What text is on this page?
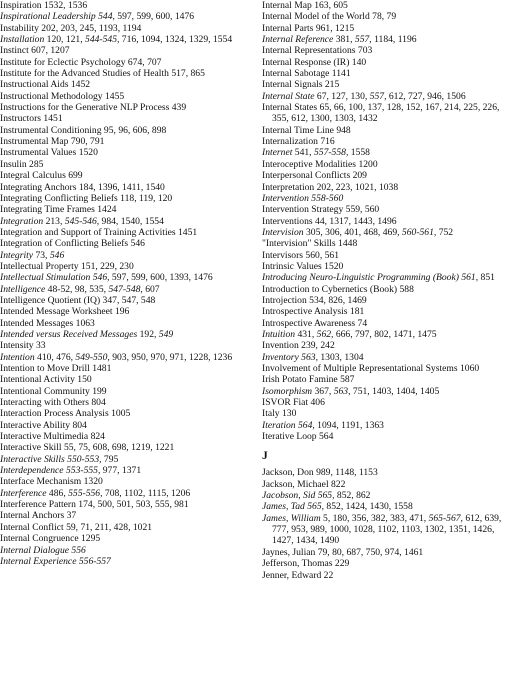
Inspiration 1532, 1536
Inspirational Leadership 544, 597, 599, 600, 1476
Instability 202, 203, 245, 1193, 1194
Installation 120, 121, 544-545, 716, 1094, 1324, 1329, 1554
Instinct 607, 1207
Institute for Eclectic Psychology 674, 707
Institute for the Advanced Studies of Health 517, 865
Instructional Aids 1452
Instructional Methodology 1455
Instructions for the Generative NLP Process 439
Instructors 1451
Instrumental Conditioning 95, 96, 606, 898
Instrumental Map 790, 791
Instrumental Values 1520
Insulin 285
Integral Calculus 699
Integrating Anchors 184, 1396, 1411, 1540
Integrating Conflicting Beliefs 118, 119, 120
Integrating Time Frames 1424
Integration 213, 545-546, 984, 1540, 1554
Integration and Support of Training Activities 1451
Integration of Conflicting Beliefs 546
Integrity 73, 546
Intellectual Property 151, 229, 230
Intellectual Stimulation 546, 597, 599, 600, 1393, 1476
Intelligence 48-52, 98, 535, 547-548, 607
Intelligence Quotient (IQ) 347, 547, 548
Intended Message Worksheet 196
Intended Messages 1063
Intended versus Received Messages 192, 549
Intensity 33
Intention 410, 476, 549-550, 903, 950, 970, 971, 1228, 1236
Intention to Move Drill 1481
Intentional Activity 150
Intentional Community 199
Interacting with Others 804
Interaction Process Analysis 1005
Interactive Ability 804
Interactive Multimedia 824
Interactive Skill 55, 75, 608, 698, 1219, 1221
Interactive Skills 550-553, 795
Interdependence 553-555, 977, 1371
Interface Mechanism 1320
Interference 486, 555-556, 708, 1102, 1115, 1206
Interference Pattern 174, 500, 501, 503, 555, 981
Internal Anchors 37
Internal Conflict 59, 71, 211, 428, 1021
Internal Congruence 1295
Internal Dialogue 556
Internal Experience 556-557
Internal Map 163, 605
Internal Model of the World 78, 79
Internal Parts 961, 1215
Internal Reference 381, 557, 1184, 1196
Internal Representations 703
Internal Response (IR) 140
Internal Sabotage 1141
Internal Signals 215
Internal State 67, 127, 130, 557, 612, 727, 946, 1506
Internal States 65, 66, 100, 137, 128, 152, 167, 214, 225, 226, 355, 612, 1300, 1303, 1432
Internal Time Line 948
Internalization 716
Internet 541, 557-558, 1558
Interoceptive Modalities 1200
Interpersonal Conflicts 209
Interpretation 202, 223, 1021, 1038
Intervention 558-560
Intervention Strategy 559, 560
Interventions 44, 1317, 1443, 1496
Intervision 305, 306, 401, 468, 469, 560-561, 752
"Intervision" Skills 1448
Intervisors 560, 561
Intrinsic Values 1520
Introducing Neuro-Linguistic Programming (Book) 561, 851
Introduction to Cybernetics (Book) 588
Introjection 534, 826, 1469
Introspective Analysis 181
Introspective Awareness 74
Intuition 431, 562, 666, 797, 802, 1471, 1475
Invention 239, 242
Inventory 563, 1303, 1304
Involvement of Multiple Representational Systems 1060
Irish Potato Famine 587
Isomorphism 367, 563, 751, 1403, 1404, 1405
ISVOR Fiat 406
Italy 130
Iteration 564, 1094, 1191, 1363
Iterative Loop 564
J
Jackson, Don 989, 1148, 1153
Jackson, Michael 822
Jacobson, Sid 565, 852, 862
James, Tad 565, 852, 1424, 1430, 1558
James, William 5, 180, 356, 382, 383, 471, 565-567, 612, 639, 777, 953, 989, 1000, 1028, 1102, 1103, 1302, 1351, 1426, 1427, 1434, 1490
Jaynes, Julian 79, 80, 687, 750, 974, 1461
Jefferson, Thomas 229
Jenner, Edward 22
